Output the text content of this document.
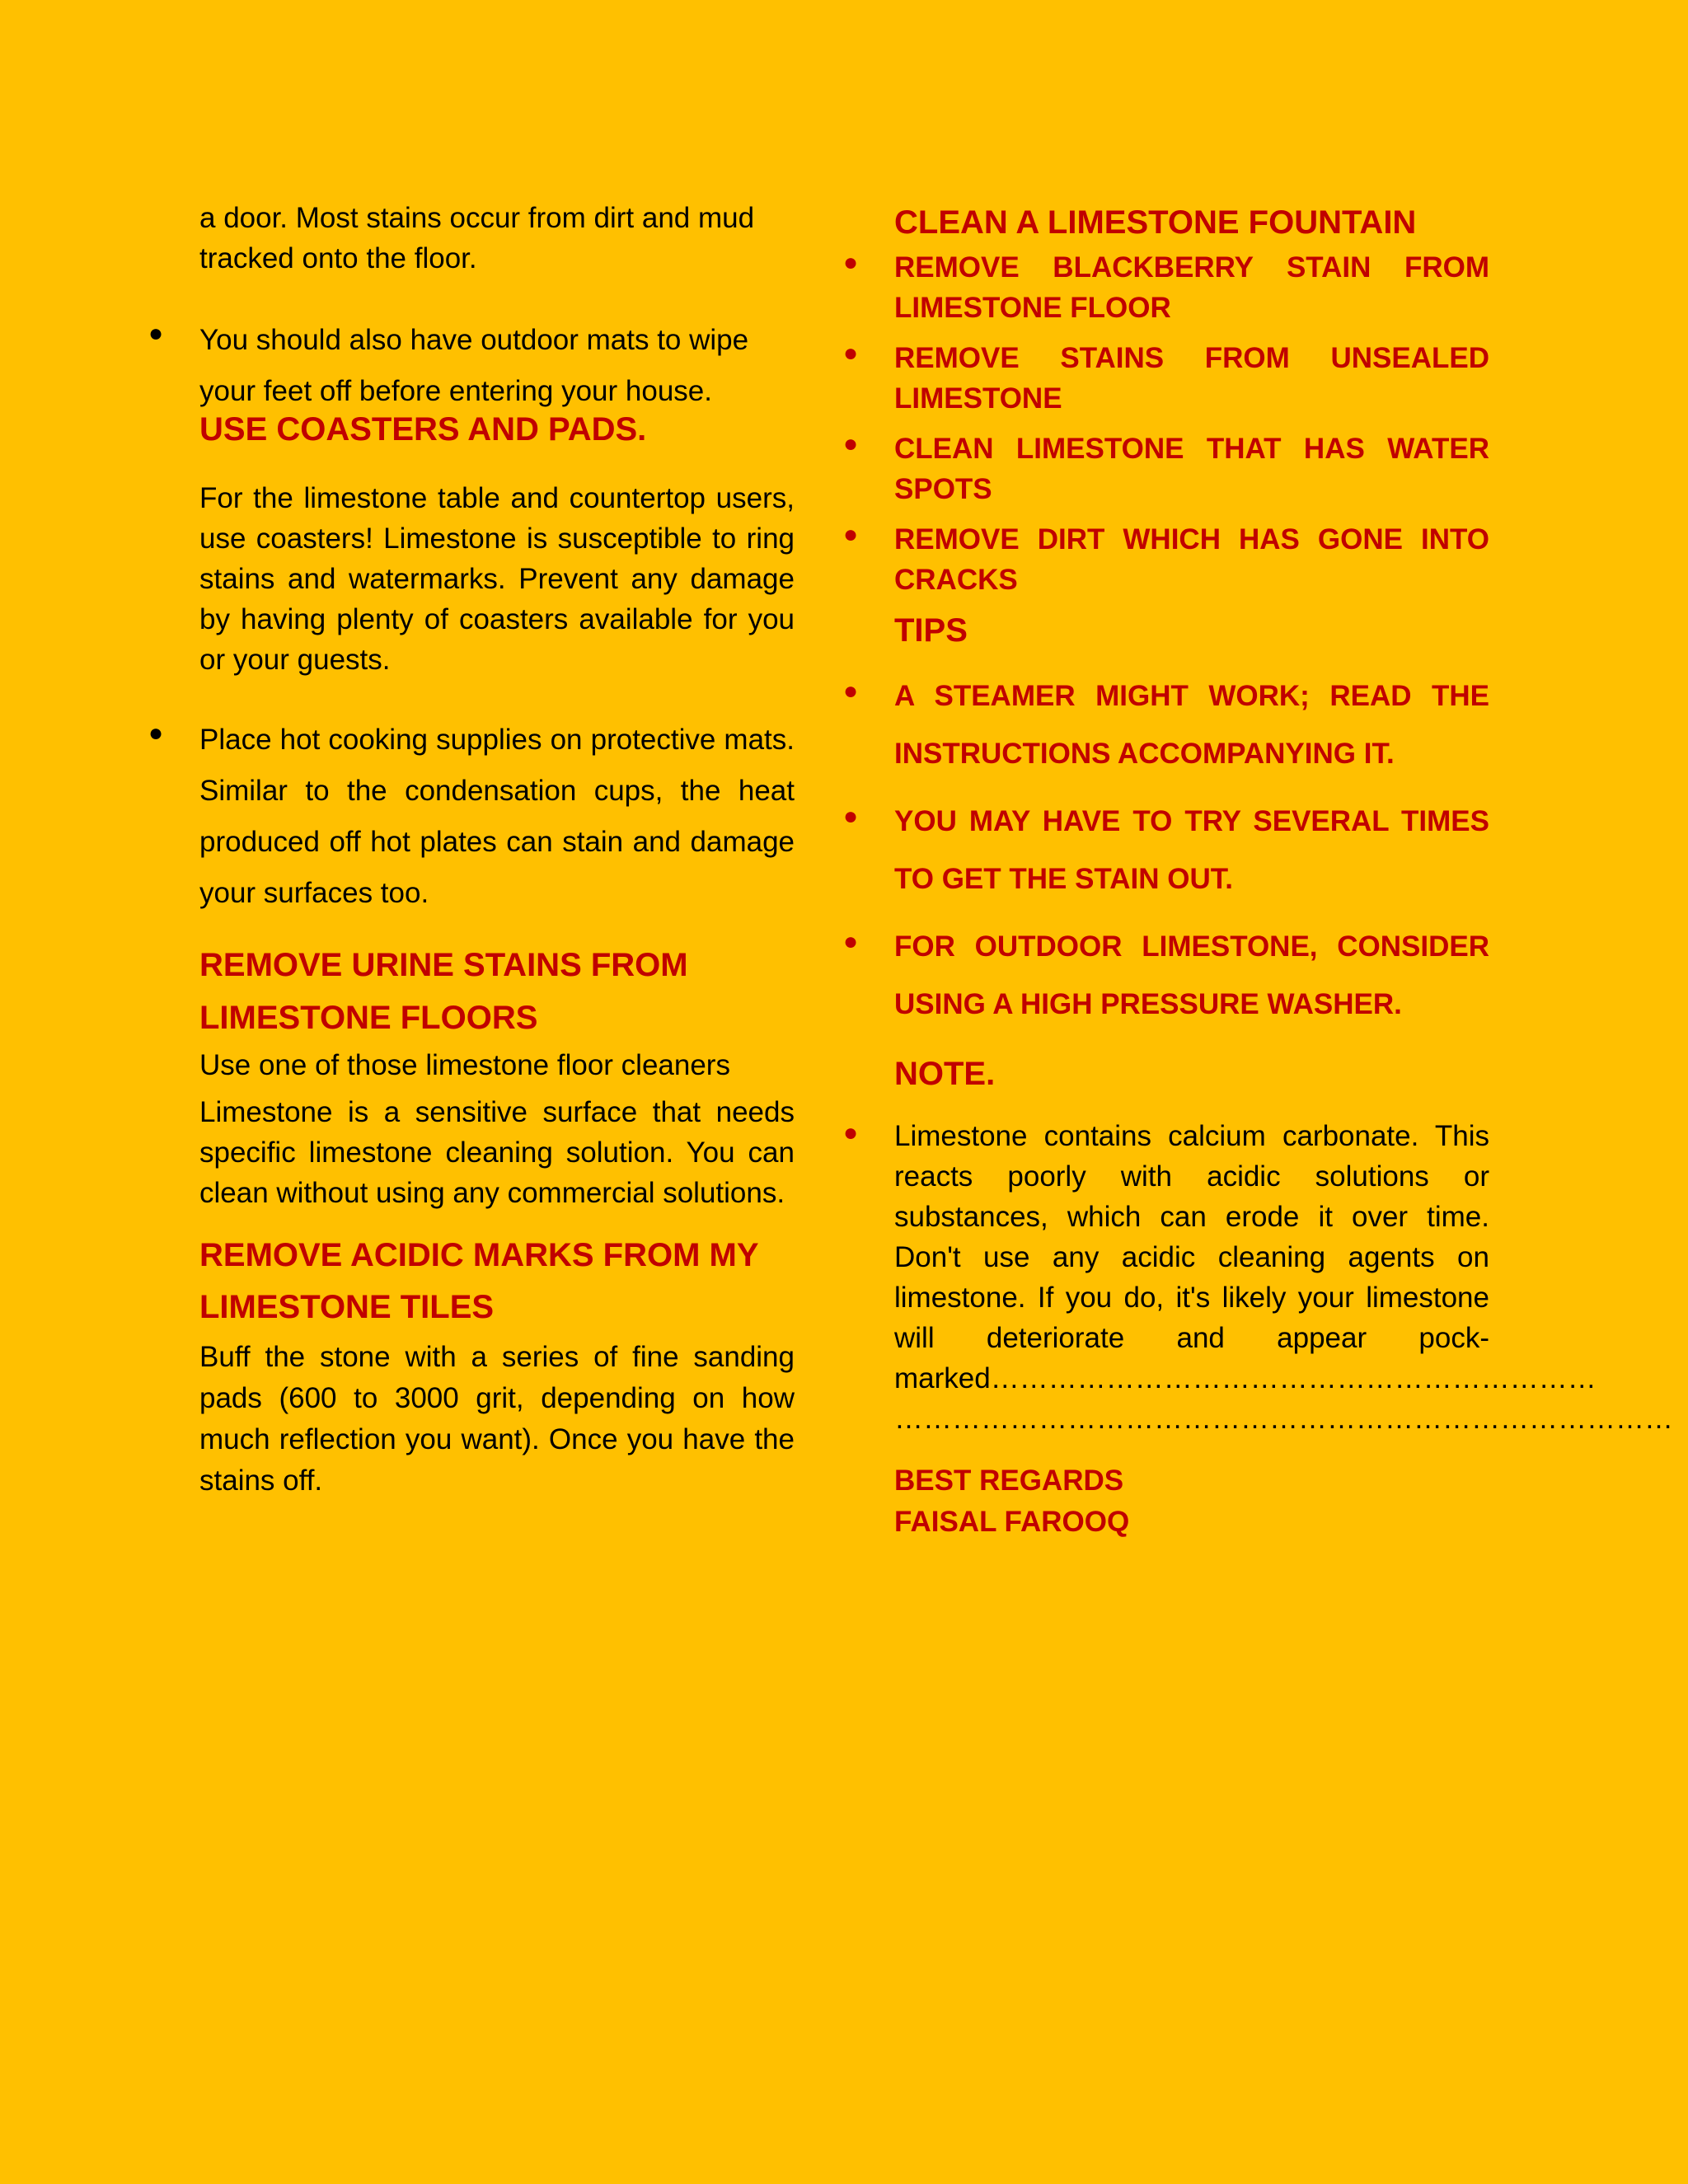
a door. Most stains occur from dirt and mud tracked onto the floor.

● You should also have outdoor mats to wipe your feet off before entering your house.

USE COASTERS AND PADS.

For the limestone table and countertop users, use coasters! Limestone is susceptible to ring stains and watermarks. Prevent any damage by having plenty of coasters available for you or your guests.

● Place hot cooking supplies on protective mats. Similar to the condensation cups, the heat produced off hot plates can stain and damage your surfaces too.

REMOVE URINE STAINS FROM LIMESTONE FLOORS

Use one of those limestone floor cleaners

Limestone is a sensitive surface that needs specific limestone cleaning solution. You can clean without using any commercial solutions.

REMOVE ACIDIC MARKS FROM MY LIMESTONE TILES

Buff the stone with a series of fine sanding pads (600 to 3000 grit, depending on how much reflection you want). Once you have the stains off.

CLEAN A LIMESTONE FOUNTAIN
● REMOVE BLACKBERRY STAIN FROM LIMESTONE FLOOR

● REMOVE STAINS FROM UNSEALED LIMESTONE

● CLEAN LIMESTONE THAT HAS WATER SPOTS

● REMOVE DIRT WHICH HAS GONE INTO CRACKS

TIPS
● A STEAMER MIGHT WORK; READ THE INSTRUCTIONS ACCOMPANYING IT.

● YOU MAY HAVE TO TRY SEVERAL TIMES TO GET THE STAIN OUT.

● FOR OUTDOOR LIMESTONE, CONSIDER USING A HIGH PRESSURE WASHER.

NOTE.
● Limestone contains calcium carbonate. This reacts poorly with acidic solutions or substances, which can erode it over time. Don't use any acidic cleaning agents on limestone. If you do, it's likely your limestone will deteriorate and appear pock-marked………………………………………………………

………………………………………………………………………

BEST REGARDS

FAISAL FAROOQ
